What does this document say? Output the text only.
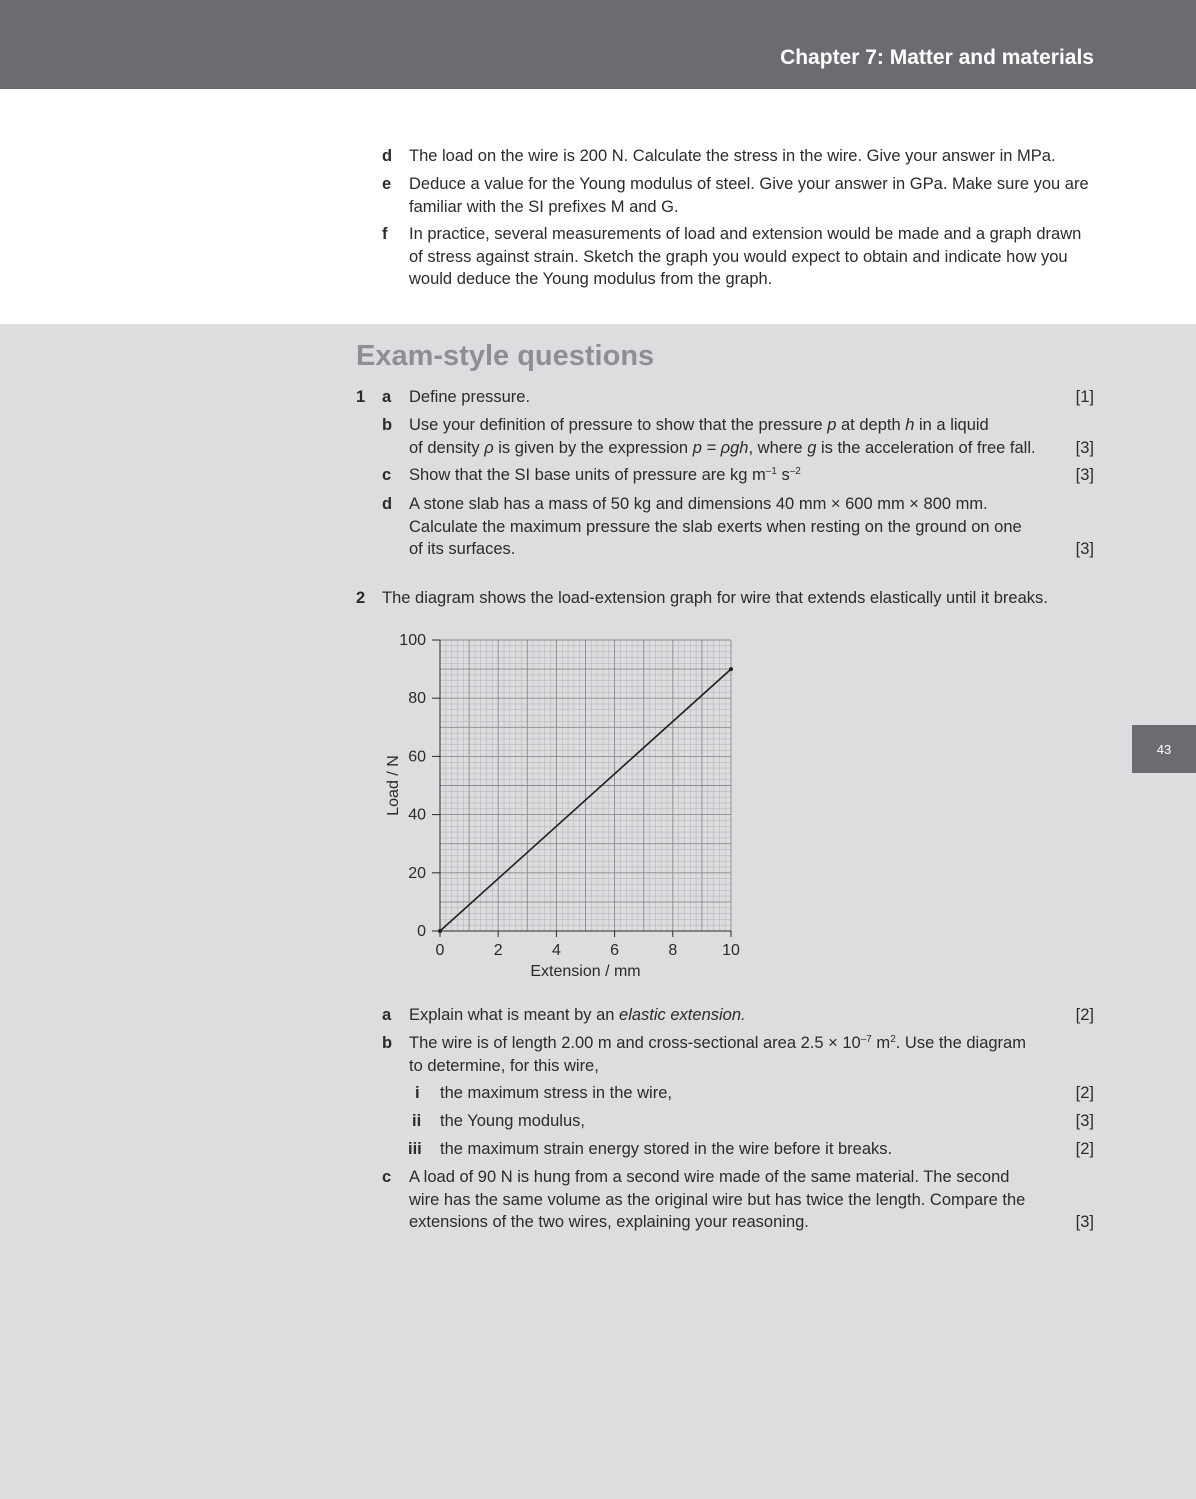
Chapter 7: Matter and materials
43
d The load on the wire is 200 N. Calculate the stress in the wire. Give your answer in MPa.
e Deduce a value for the Young modulus of steel. Give your answer in GPa. Make sure you are
familiar with the SI prefixes M and G.
f In practice, several measurements of load and extension would be made and a graph drawn
of stress against strain. Sketch the graph you would expect to obtain and indicate how you
would deduce the Young modulus from the graph.
Exam-style questions
1 a Define pressure.	[1]
b Use your definition of pressure to show that the pressure p at depth h in a liquid
of density ρ is given by the expression p = ρgh, where g is the acceleration of free fall. [3]
c Show that the SI base units of pressure are kg $m^{-1}$ $s^{-2}$	[3]
d A stone slab has a mass of 50 kg and dimensions 40 mm × 600 mm × 800 mm.
Calculate the maximum pressure the slab exerts when resting on the ground on one
of its surfaces.	[3]
2 The diagram shows the load-extension graph for wire that extends elastically until it breaks.
0	2	4	6	8	10
0
20
40
60
80
100
Extension / mm
Load / N
a Explain what is meant by an elastic extension.	[2]
b The wire is of length 2.00 m and cross-sectional area $2.5 \times 10^{-7}$ $m^2$. Use the diagram
to determine, for this wire,
i the maximum stress in the wire,	[2]
ii the Young modulus,	[3]
iii the maximum strain energy stored in the wire before it breaks.	[2]
c A load of 90 N is hung from a second wire made of the same material. The second
wire has the same volume as the original wire but has twice the length. Compare the
extensions of the two wires, explaining your reasoning.	[3]
